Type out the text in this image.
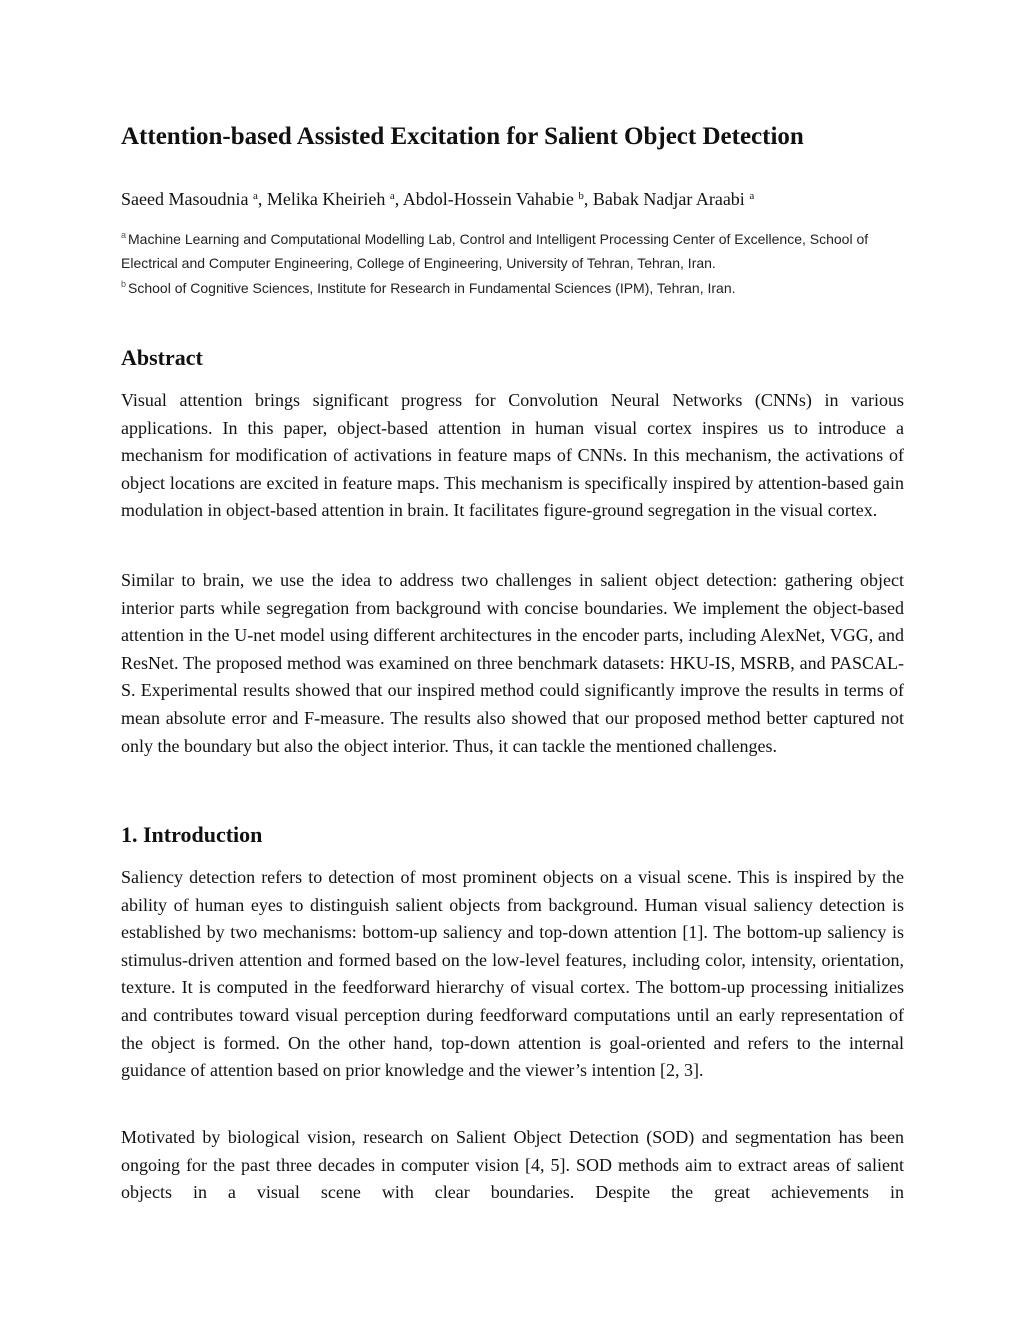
Attention-based Assisted Excitation for Salient Object Detection
Saeed Masoudnia $^a$, Melika Kheirieh $^a$, Abdol-Hossein Vahabie $^b$, Babak Nadjar Araabi $^a$
$^a$ Machine Learning and Computational Modelling Lab, Control and Intelligent Processing Center of Excellence, School of Electrical and Computer Engineering, College of Engineering, University of Tehran, Tehran, Iran.
$^b$ School of Cognitive Sciences, Institute for Research in Fundamental Sciences (IPM), Tehran, Iran.
Abstract

Visual attention brings significant progress for Convolution Neural Networks (CNNs) in various applications. In this paper, object-based attention in human visual cortex inspires us to introduce a mechanism for modification of activations in feature maps of CNNs. In this mechanism, the activations of object locations are excited in feature maps. This mechanism is specifically inspired by attention-based gain modulation in object-based attention in brain. It facilitates figure-ground segregation in the visual cortex.

Similar to brain, we use the idea to address two challenges in salient object detection: gathering object interior parts while segregation from background with concise boundaries. We implement the object-based attention in the U-net model using different architectures in the encoder parts, including AlexNet, VGG, and ResNet. The proposed method was examined on three benchmark datasets: HKU-IS, MSRB, and PASCAL-S. Experimental results showed that our inspired method could significantly improve the results in terms of mean absolute error and F-measure. The results also showed that our proposed method better captured not only the boundary but also the object interior. Thus, it can tackle the mentioned challenges.

1. Introduction

Saliency detection refers to detection of most prominent objects on a visual scene. This is inspired by the ability of human eyes to distinguish salient objects from background. Human visual saliency detection is established by two mechanisms: bottom-up saliency and top-down attention [1]. The bottom-up saliency is stimulus-driven attention and formed based on the low-level features, including color, intensity, orientation, texture. It is computed in the feedforward hierarchy of visual cortex. The bottom-up processing initializes and contributes toward visual perception during feedforward computations until an early representation of the object is formed. On the other hand, top-down attention is goal-oriented and refers to the internal guidance of attention based on prior knowledge and the viewer’s intention [2, 3].

Motivated by biological vision, research on Salient Object Detection (SOD) and segmentation has been ongoing for the past three decades in computer vision [4, 5]. SOD methods aim to extract areas of salient objects in a visual scene with clear boundaries. Despite the great achievements in
